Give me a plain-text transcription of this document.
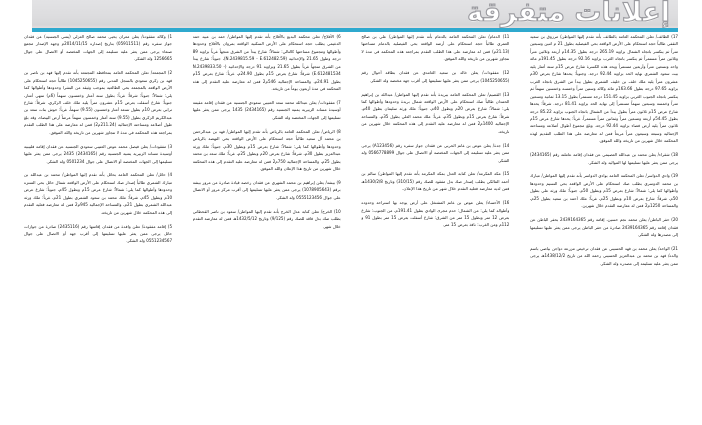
إعلانات متفرقة

1) وكالة مفقودة/ يعلن معران يحيى محمد صالح العزلي (يمني الجنسية) عن فقدان جواز سفره رقم (05911511) بتاريخ إصداره 2014/11/15م وجهة الإصدار مجمع صنعاء يرجى ممن يعثر عليه تسليمه إلى الجهات المختصة أو الاتصال على جوال 1256665 وله الشكر.

2) المجمعة/ تعلن المحكمة العامة بمحافظة المجمعة بأنه تقدم إليها فهد بن ناصر بن فهد بن زكري سعودي بالسجل المدني رقم (1045250655) طالباً حجة استحكام على الأرض الواقعة بالمجمعة بحي الطالعية بموجب وثيقة من البشرا وحدودها وأطوالها كما يلي: شمالاً: جنوباً: شرقاً: غرباً: بطول ستة أمتار وخمسون سهماً (6م) تنتهي أمتار، جنوباً: شارع أسفلت بعرض 15م عشرون متراً يليه ملك خلف الزكري، شرقاً: شارع ترابي بعرض 10م بطول تسعة أمتار وخمسون (9.55) سهماً، غرباً: حوش بنات سعد بن عبدالكريم الزكري بطول (9.55) ستة أمتار وخمسون سهماً عرضاً أرض البيضاء، وقد بلغ طول أضلاعه ومساحته الإجمالية (211.24م2) فمن له معارضة على هذا الطلب التقدم بمراجعة هذه المحكمة في مدة لا تتجاوز شهرين من تاريخه والله الموفق.

3) مفقودات/ يعلن فيصل محمد عوض العتيبي سعودي الجنسية عن فقدان إقامة فلبينية أوسيدة مساند الزبيرية يمنية الجنسية رقم (2434165) 2435 يرجى ممن يعثر عليها تسليمها إلى الجهات المختصة أو الاتصال على جوال 0501234 وله الشكر.

4) حائل/ تعلن المحكمة العامة بحائل بأنه تقدم إليها المواطن/ محمد بن عبدالله بن مبارك الشمري طالباً إصدار صك استحكام على الأرض الواقعة شمال حائل بحي المنتزه وحدودها وأطوالها كما يلي: شمالاً: شارع عرض 15م وبطول 45م، جنوباً: شارع عرض 10م وبطول 45م، شرقاً: ملك محمد بن سعود الشمري بطول 21م، غرباً: ملك ورثة عبدالله الشمري بطول 21م، والمساحة الإجمالية 945م2 فمن له معارضة فعليه التقدم إلى هذه المحكمة خلال شهرين من تاريخه.

5) إقامة مفقودة/ تعلن وافدة من فقدان إقامتها رقم (2435116) صادرة من جوازات حائل يرجى ممن يعثر عليها تسليمها إلى أقرب جهة أو الاتصال على جوال 0551234567 وله الشكر.

6) الأفلاج/ تعلن محكمة البديع بالأفلاج بأنه تقدم إليها المواطن/ حمد بن عبيد حمد الدغيمي يطلب حجة استحكام على الأرض السكنية الواقعة بمروان بالأفلاج وحدودها وأطوالها ومجموع مساحتها كالتالي: شمالاً: شارع يبدأ من الشرق متجهاً غرباً بزاوية 89 درجة وطول 21.65 والإحداثية (N.2439815.59 - E.612482.59)، جنوباً: شارع يبدأ من الشرق متجهاً غرباً بطول 21.65 وبزاوية 91 درجة والإحداثية (N.2439833.50 - E.612481534) شرقاً: شارع بعرض 15م بطول 24.90م، غرباً: شارع بعرض 15م بطول 24.91م، والمساحة الإجمالية 546م2 فمن له معارضة عليه التقدم إلى هذه المحكمة في مدة أربعون يوماً من تاريخه.

7) مفقودات/ يعلن عبدالله محمد سعد العتيبي سعودي الجنسية عن فقدان إقامة مقيمة أوسيدة مساند الزبيرية يمنية الجنسية رقم (2434165) 1435 يرجى ممن يعثر عليها تسليمها إلى الجهات المختصة وله الشكر.

8) الرياض/ تعلن المحكمة العامة بالرياض بأنه تقدم إليها المواطن/ فهد بن عبدالرحمن بن محمد آل سعيد طالباً حجة استحكام على الأرض الواقعة بحي النهضة بالرياض وحدودها وأطوالها كما يلي: شمالاً: شارع بعرض 15م وبطول 30م، جنوباً: ملك ورثة عبدالعزيز بطول 30م، شرقاً: شارع بعرض 20م وبطول 25م، غرباً: ملك سعد بن محمد بطول 25م، والمساحة الإجمالية 750م2 فمن له معارضة عليه التقدم إلى هذه المحكمة خلال شهرين من تاريخ هذا الإعلان والله الموفق.

9) بيشة/ يعلن إبراهيم بن محمد الشهري عن فقدان رخصة قيادة صادرة من مرور بيشة برقم (1078905643) يرجى ممن يعثر عليها تسليمها إلى أقرب مركز مرور أو الاتصال على جوال 0555123456 وله الشكر.

10) الخرج/ تعلن كتابة عدل الخرج بأنه تقدم إليها المواطن/ سعود بن ناصر القحطاني بطلب صك بدل فاقد للصك رقم (9/125) وتاريخ 1432/5/12هـ فمن له معارضة التقدم خلال شهر.

11) الدمام/ تعلن المحكمة العامة بالدمام بأنه تقدم إليها المواطن/ علي بن صالح العمري طالباً حجة استحكام على أرضه الواقعة بحي الفيصلية بالدمام مساحتها (21.13م) فمن له معارضة على هذا الطلب التقدم بمراجعة هذه المحكمة في مدة لا تتجاوز شهرين من تاريخه والله الموفق.

12) مفقودات/ يعلن خالد بن سعيد الغامدي عن فقدان بطاقة أحوال رقم (1045250655) يرجى ممن يعثر عليها تسليمها إلى أقرب جهة مختصة وله الشكر.

13) القصيم/ تعلن المحكمة العامة ببريدة بأنه تقدم إليها المواطن/ عبدالله بن إبراهيم الحمدان طالباً صك استحكام على الأرض الواقعة شمال بريدة وحدودها وأطوالها كما يلي: شمالاً: شارع بعرض 20م وبطول 40م، جنوباً: ملك ورثة سليمان بطول 40م، شرقاً: شارع بعرض 15م وبطول 35م، غرباً: ملك محمد العلي بطول 35م، والمساحة الإجمالية 1400م2 فمن له معارضة عليه التقدم إلى هذه المحكمة خلال شهرين من تاريخه.

14) جدة/ يعلن عوض بن غانم الحربي عن فقدان جواز سفره رقم (A123456) يرجى ممن يعثر عليه تسليمه إلى الجهات المختصة أو الاتصال على جوال 0566778899 وله الشكر.

15) مكة المكرمة/ تعلن كتابة العدل بمكة المكرمة بأنه تقدم إليها المواطن/ سالم بن أحمد المالكي بطلب إصدار صك بدل مفقود للصك رقم (310/15) وتاريخ 1430/2/8هـ فمن لديه معارضة فعليه التقدم خلال شهر من تاريخ هذا الإعلان.

16) الأحساء/ يعلن عوض بن غانم المشتغل على أرض يوجد بها استراحة وحدوده وأطواله كما يلي: من الشمال: حدم مجرى الوادي بطول 191.41م، من الجنوب: شارع بعرض 12 متر وبطول 15 متر من الشرق: شارع أسفلت بعرض 15 متر بطول 91 و 112م ومن الغرب: نافذ بعرض 15 متر.

17) الطائف/ تعلن المحكمة العامة بالطائف بأنه تقدم إليها المواطن/ مرزوق بن سعيد الثقفي طالباً حجة استحكام على الأرض الواقعة بحي الفيصلية بطول 21 م اثنين وسبعين متراً ثم ينكسر باتجاه الشمال بزاوية 265.19 درجة بطول 14.35م أربعة وثلاثين متراً وثلاثين متراً مستمراً ثم ينكسر باتجاه الغرب بزاوية 92.16 درجة بطول 191.45م مائة واحد وتسعين متراً وأربعين مستمراً ويحد هذه الكسرة شارع عرض 15م ستة أمتار يليه بيت سعود الشمري نهاية الحد بزاوية 92.44 درجة. وجنوباً: يحدها شارع بعرض 30م عشرون متراً يليه ملك خلف بن خليف الشمري بطول يبدأ من الشرق باتجاه الغرب بزاوية 97.65 درجة بطول 163.66م مائة وكالة وستين متراً وخمسة وخمسين سهماً ثم ينكسر باتجاه الجنوب الغربي بزاوية 151.45 درجة مستمراً بطول 13.15 ثمانية وتسعين متراً وخمسة وسبعين سهماً مستمراً إلى نهاية الحد بزاوية 81.41 درجة. شرقاً: يحدها شارع عرض 15م ثلاثون متراً بطول يبدأ من الشمال باتجاه الجنوب بزاوية 85.22 درجة بطول 54.45م أربعة وتسعين متراً وثمانين متراً مستمراً. غرباً: يحدها شارع عرض 15م ثلاثون متراً يليه أرض فضاء بزاوية 92.44 درجة. وبلغ مجموع أطوال أضلاعه ومساحته الإجمالية وسبعة وسبعون متراً مربعاً فمن له معارضة على هذا الطلب التقديم لهذه المحكمة خلال شهرين من تاريخه والله الموفق.

18) شقراء/ يعلن محمد بن عبدالله العصيمي عن فقدان إقامة عاملته رقم (2434165) يرجى ممن يعثر عليها تسليمها لها المواليد وله الشكر.

19) وادي الدواسر/ تعلن المحكمة العامة بوادي الدواسر بأنه تقدم إليها المواطن/ مبارك بن محمد الدوسري بطلب صك استحكام على الأرض الواقعة بحي النسيم وحدودها وأطوالها كما يلي: شمالاً: شارع بعرض 15م وبطول 50م، جنوباً: ملك ورثة علي بطول 50م، شرقاً: شارع بعرض 10م وبطول 25م، غرباً: ملك أحمد بن سعيد بطول 25م، والمساحة 1250م2 فمن له معارضة التقدم خلال شهرين.

20) حفر الباطن/ يعلن محمد نجم حسين، إقامة رقم 2439164365 بحفر الباطن عن فقدان إقامة رقم 2439164365 صادرة من حفر الباطن يرجى ممن يعثر عليها تسليمها إلى مصدرها وله الشكر.

21) الواحة/ يعلن محمد بن فهد الحسيني عن فقدان ترخيص مزرعة دواجن بياضي باسم والده/ فهد بن محمد بن عبدالعزيز الحسيني رحمه الله من تاريخ 1438/12/2هـ يرجى ممن يعثر عليه تسليمه إلى مصدره وله الشكر.
